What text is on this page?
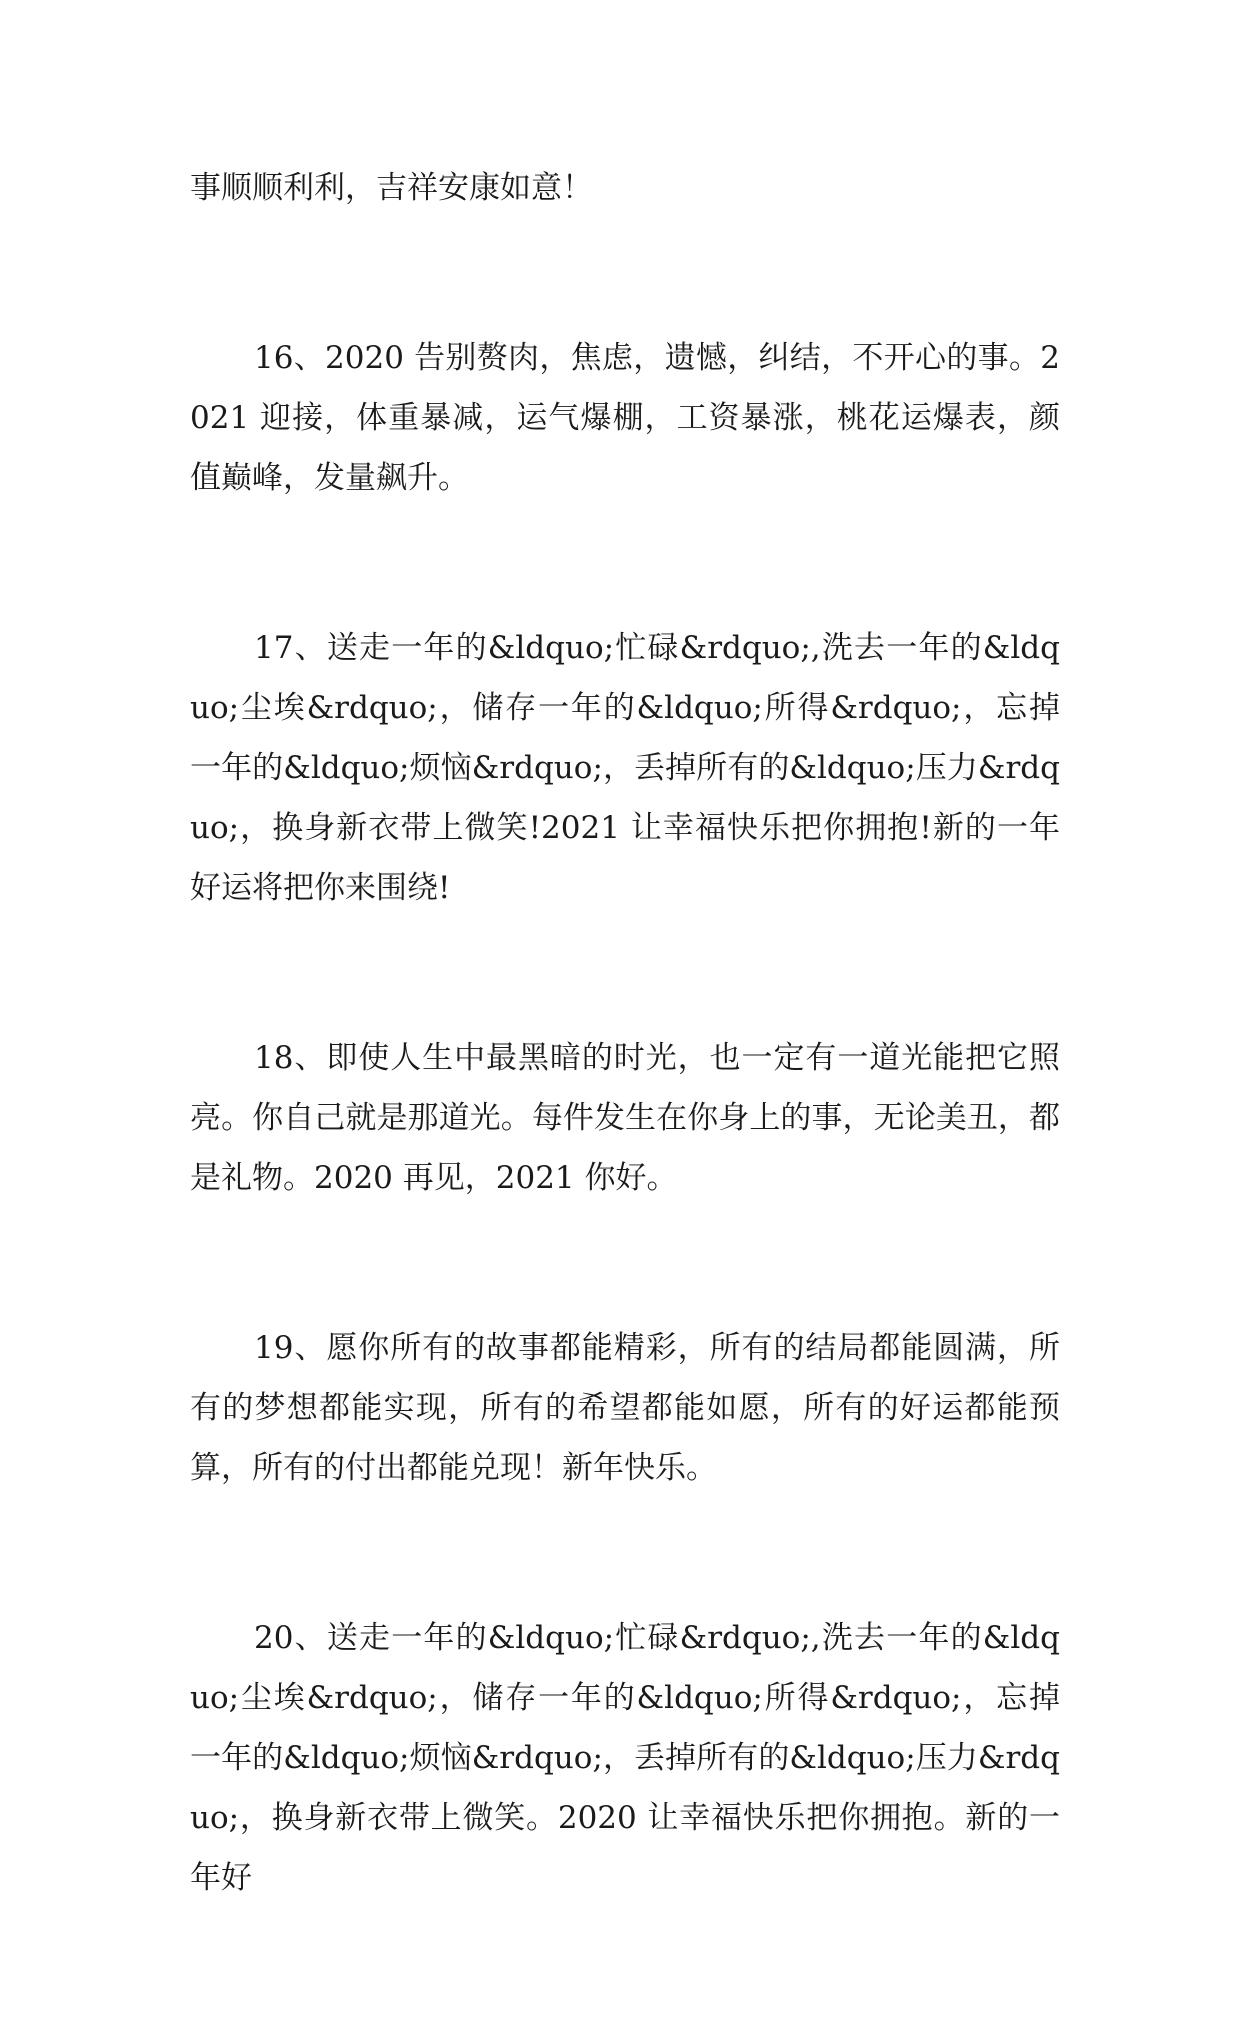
事顺顺利利，吉祥安康如意！

16、2020 告别赘肉，焦虑，遗憾，纠结，不开心的事。2021 迎接，体重暴减，运气爆棚，工资暴涨，桃花运爆表，颜值巅峰，发量飙升。

17、送走一年的&ldquo;忙碌&rdquo;,洗去一年的&ldquo;尘埃&rdquo;，储存一年的&ldquo;所得&rdquo;，忘掉一年的&ldquo;烦恼&rdquo;，丢掉所有的&ldquo;压力&rdquo;，换身新衣带上微笑!2021 让幸福快乐把你拥抱!新的一年好运将把你来围绕!

18、即使人生中最黑暗的时光，也一定有一道光能把它照亮。你自己就是那道光。每件发生在你身上的事，无论美丑，都是礼物。2020 再见，2021 你好。

19、愿你所有的故事都能精彩，所有的结局都能圆满，所有的梦想都能实现，所有的希望都能如愿，所有的好运都能预算，所有的付出都能兑现！新年快乐。

20、送走一年的&ldquo;忙碌&rdquo;,洗去一年的&ldquo;尘埃&rdquo;，储存一年的&ldquo;所得&rdquo;，忘掉一年的&ldquo;烦恼&rdquo;，丢掉所有的&ldquo;压力&rdquo;，换身新衣带上微笑。2020 让幸福快乐把你拥抱。新的一年好
